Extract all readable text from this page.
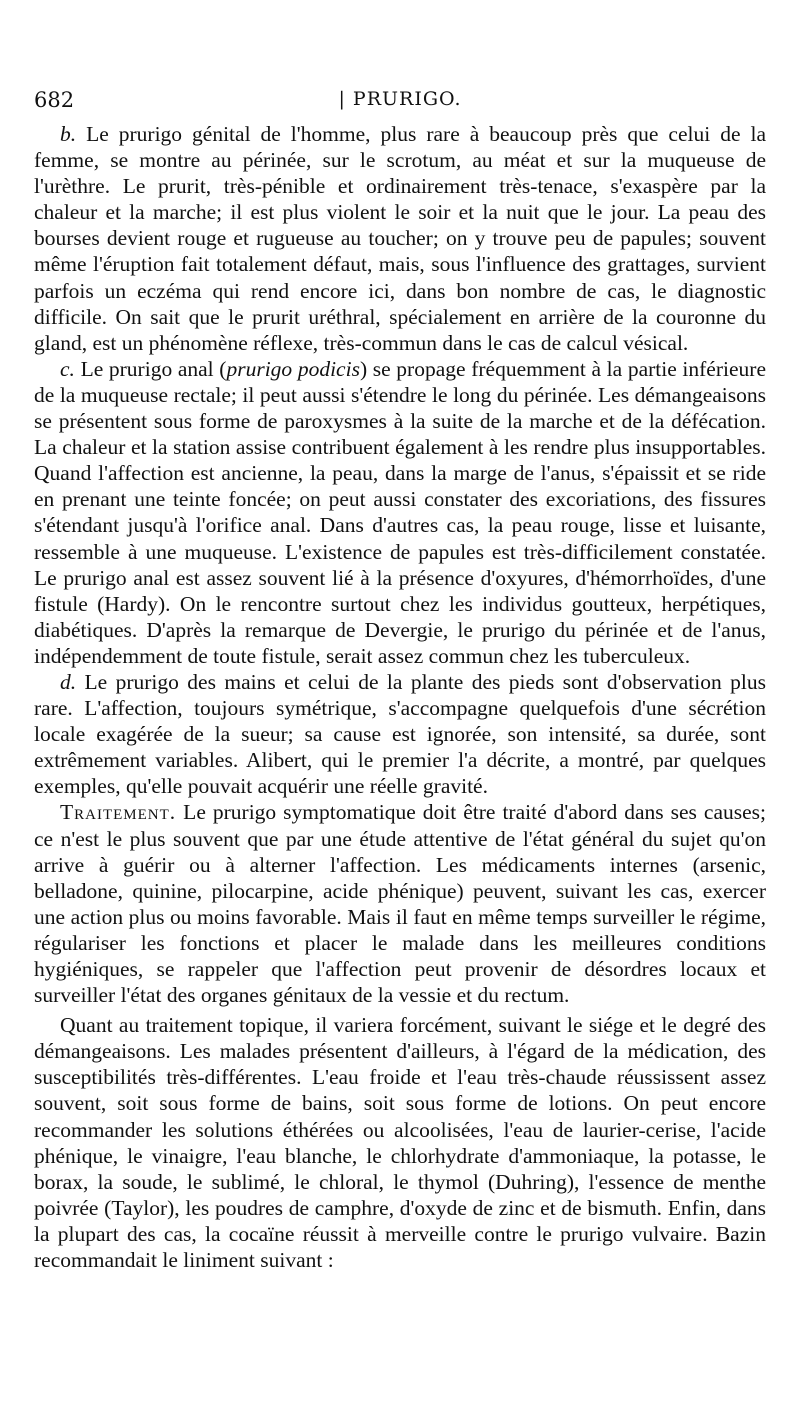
682	| PRURIGO.

b. Le prurigo génital de l'homme, plus rare à beaucoup près que celui de la femme, se montre au périnée, sur le scrotum, au méat et sur la muqueuse de l'urèthre. Le prurit, très-pénible et ordinairement très-tenace, s'exaspère par la chaleur et la marche; il est plus violent le soir et la nuit que le jour. La peau des bourses devient rouge et rugueuse au toucher; on y trouve peu de papules; souvent même l'éruption fait totalement défaut, mais, sous l'influence des grattages, survient parfois un eczéma qui rend encore ici, dans bon nombre de cas, le diagnostic difficile. On sait que le prurit uréthral, spécialement en arrière de la couronne du gland, est un phénomène réflexe, très-commun dans le cas de calcul vésical.

c. Le prurigo anal (prurigo podicis) se propage fréquemment à la partie inférieure de la muqueuse rectale; il peut aussi s'étendre le long du périnée. Les démangeaisons se présentent sous forme de paroxysmes à la suite de la marche et de la défécation. La chaleur et la station assise contribuent également à les rendre plus insupportables. Quand l'affection est ancienne, la peau, dans la marge de l'anus, s'épaissit et se ride en prenant une teinte foncée; on peut aussi constater des excoriations, des fissures s'étendant jusqu'à l'orifice anal. Dans d'autres cas, la peau rouge, lisse et luisante, ressemble à une muqueuse. L'existence de papules est très-difficilement constatée. Le prurigo anal est assez souvent lié à la présence d'oxyures, d'hémorrhoïdes, d'une fistule (Hardy). On le rencontre surtout chez les individus goutteux, herpétiques, diabétiques. D'après la remarque de Devergie, le prurigo du périnée et de l'anus, indépendemment de toute fistule, serait assez commun chez les tuberculeux.

d. Le prurigo des mains et celui de la plante des pieds sont d'observation plus rare. L'affection, toujours symétrique, s'accompagne quelquefois d'une sécrétion locale exagérée de la sueur; sa cause est ignorée, son intensité, sa durée, sont extrêmement variables. Alibert, qui le premier l'a décrite, a montré, par quelques exemples, qu'elle pouvait acquérir une réelle gravité.

Traitement. Le prurigo symptomatique doit être traité d'abord dans ses causes; ce n'est le plus souvent que par une étude attentive de l'état général du sujet qu'on arrive à guérir ou à alterner l'affection. Les médicaments internes (arsenic, belladone, quinine, pilocarpine, acide phénique) peuvent, suivant les cas, exercer une action plus ou moins favorable. Mais il faut en même temps surveiller le régime, régulariser les fonctions et placer le malade dans les meilleures conditions hygiéniques, se rappeler que l'affection peut provenir de désordres locaux et surveiller l'état des organes génitaux de la vessie et du rectum.

Quant au traitement topique, il variera forcément, suivant le siége et le degré des démangeaisons. Les malades présentent d'ailleurs, à l'égard de la médication, des susceptibilités très-différentes. L'eau froide et l'eau très-chaude réussissent assez souvent, soit sous forme de bains, soit sous forme de lotions. On peut encore recommander les solutions éthérées ou alcoolisées, l'eau de laurier-cerise, l'acide phénique, le vinaigre, l'eau blanche, le chlorhydrate d'ammoniaque, la potasse, le borax, la soude, le sublimé, le chloral, le thymol (Duhring), l'essence de menthe poivrée (Taylor), les poudres de camphre, d'oxyde de zinc et de bismuth. Enfin, dans la plupart des cas, la cocaïne réussit à merveille contre le prurigo vulvaire. Bazin recommandait le liniment suivant :
